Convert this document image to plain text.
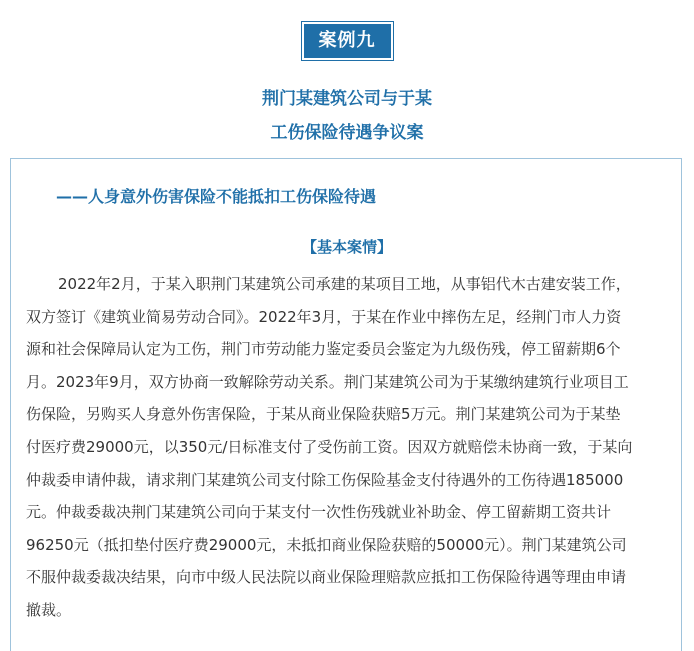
案例九
荆门某建筑公司与于某
工伤保险待遇争议案
——人身意外伤害保险不能抵扣工伤保险待遇
【基本案情】
2022年2月，于某入职荆门某建筑公司承建的某项目工地，从事铝代木古建安装工作，
双方签订《建筑业简易劳动合同》。2022年3月，于某在作业中摔伤左足，经荆门市人力资
源和社会保障局认定为工伤，荆门市劳动能力鉴定委员会鉴定为九级伤残，停工留薪期6个
月。2023年9月，双方协商一致解除劳动关系。荆门某建筑公司为于某缴纳建筑行业项目工
伤保险，另购买人身意外伤害保险，于某从商业保险获赔5万元。荆门某建筑公司为于某垫
付医疗费29000元，以350元/日标准支付了受伤前工资。因双方就赔偿未协商一致，于某向
仲裁委申请仲裁，请求荆门某建筑公司支付除工伤保险基金支付待遇外的工伤待遇185000
元。仲裁委裁决荆门某建筑公司向于某支付一次性伤残就业补助金、停工留薪期工资共计
96250元（抵扣垫付医疗费29000元，未抵扣商业保险获赔的50000元）。荆门某建筑公司
不服仲裁委裁决结果，向市中级人民法院以商业保险理赔款应抵扣工伤保险待遇等理由申请
撤裁。
